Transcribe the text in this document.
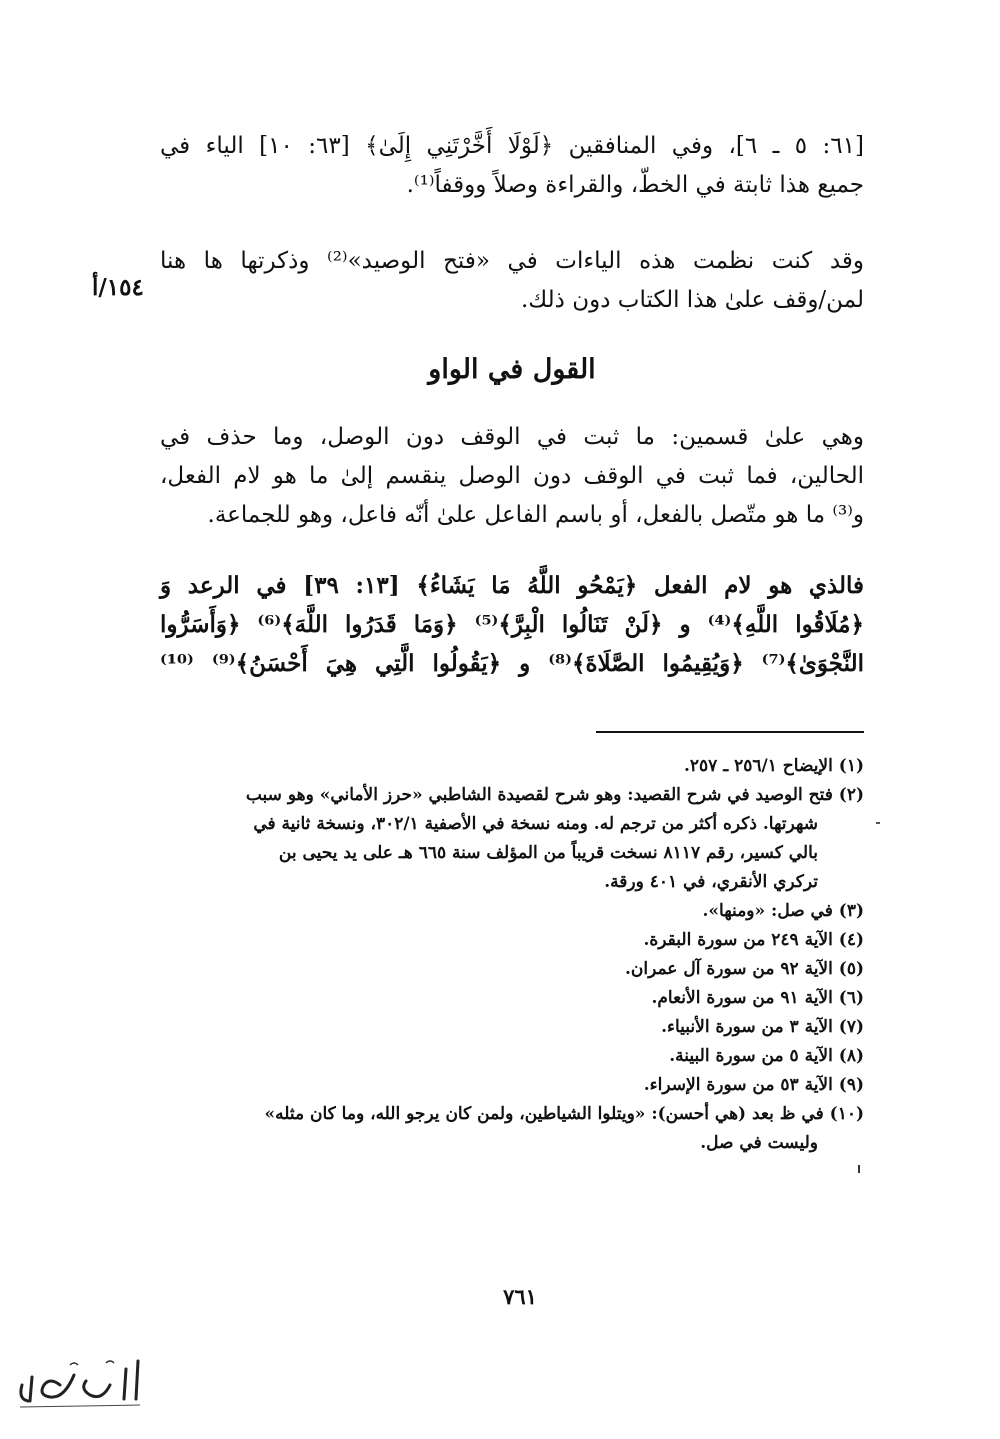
[٦١: ٥ ـ ٦]، وفي المنافقين ﴿لَوْلَا أَخَّرْتَنِي إِلَىٰ﴾ [٦٣: ١٠] الياء في
جميع هذا ثابتة في الخطّ، والقراءة وصلاً ووقفاً⁽¹⁾.
وقد كنت نظمت هذه الياءات في «فتح الوصيد»⁽²⁾ وذكرتها ها هنا
لمن/وقف علىٰ هذا الكتاب دون ذلك.
١٥٤/أ
القول في الواو
وهي علىٰ قسمين: ما ثبت في الوقف دون الوصل، وما حذف في
الحالين، فما ثبت في الوقف دون الوصل ينقسم إلىٰ ما هو لام الفعل،
و⁽³⁾ ما هو متّصل بالفعل، أو باسم الفاعل علىٰ أنّه فاعل، وهو للجماعة.
فالذي هو لام الفعل ﴿يَمْحُو اللَّهُ مَا يَشَاءُ﴾ [١٣: ٣٩] في الرعد وَ
﴿مُلَاقُوا اللَّهِ﴾⁽⁴⁾ و ﴿لَنْ تَنَالُوا الْبِرَّ﴾⁽⁵⁾ ﴿وَمَا قَدَرُوا اللَّهَ﴾⁽⁶⁾ ﴿وَأَسَرُّوا
النَّجْوَىٰ﴾⁽⁷⁾ ﴿وَيُقِيمُوا الصَّلَاةَ﴾⁽⁸⁾ و ﴿يَقُولُوا الَّتِي هِيَ أَحْسَنُ﴾⁽⁹⁾ ⁽¹⁰⁾
(١) الإيضاح ٢٥٦/١ ـ ٢٥٧.
(٢) فتح الوصيد في شرح القصيد: وهو شرح لقصيدة الشاطبي «حرز الأماني» وهو سبب
شهرتها. ذكره أكثر من ترجم له. ومنه نسخة في الأصفية ٣٠٢/١، ونسخة ثانية في
بالي كسير، رقم ٨١١٧ نسخت قريباً من المؤلف سنة ٦٦٥ هـ على يد يحيى بن
تركري الأنقري، في ٤٠١ ورقة.
(٣) في صل: «ومنها».
(٤) الآية ٢٤٩ من سورة البقرة.
(٥) الآية ٩٢ من سورة آل عمران.
(٦) الآية ٩١ من سورة الأنعام.
(٧) الآية ٣ من سورة الأنبياء.
(٨) الآية ٥ من سورة البينة.
(٩) الآية ٥٣ من سورة الإسراء.
(١٠) في ظ بعد (هي أحسن): «ويتلوا الشياطين، ولمن كان يرجو الله، وما كان مثله»
وليست في صل.
٧٦١
